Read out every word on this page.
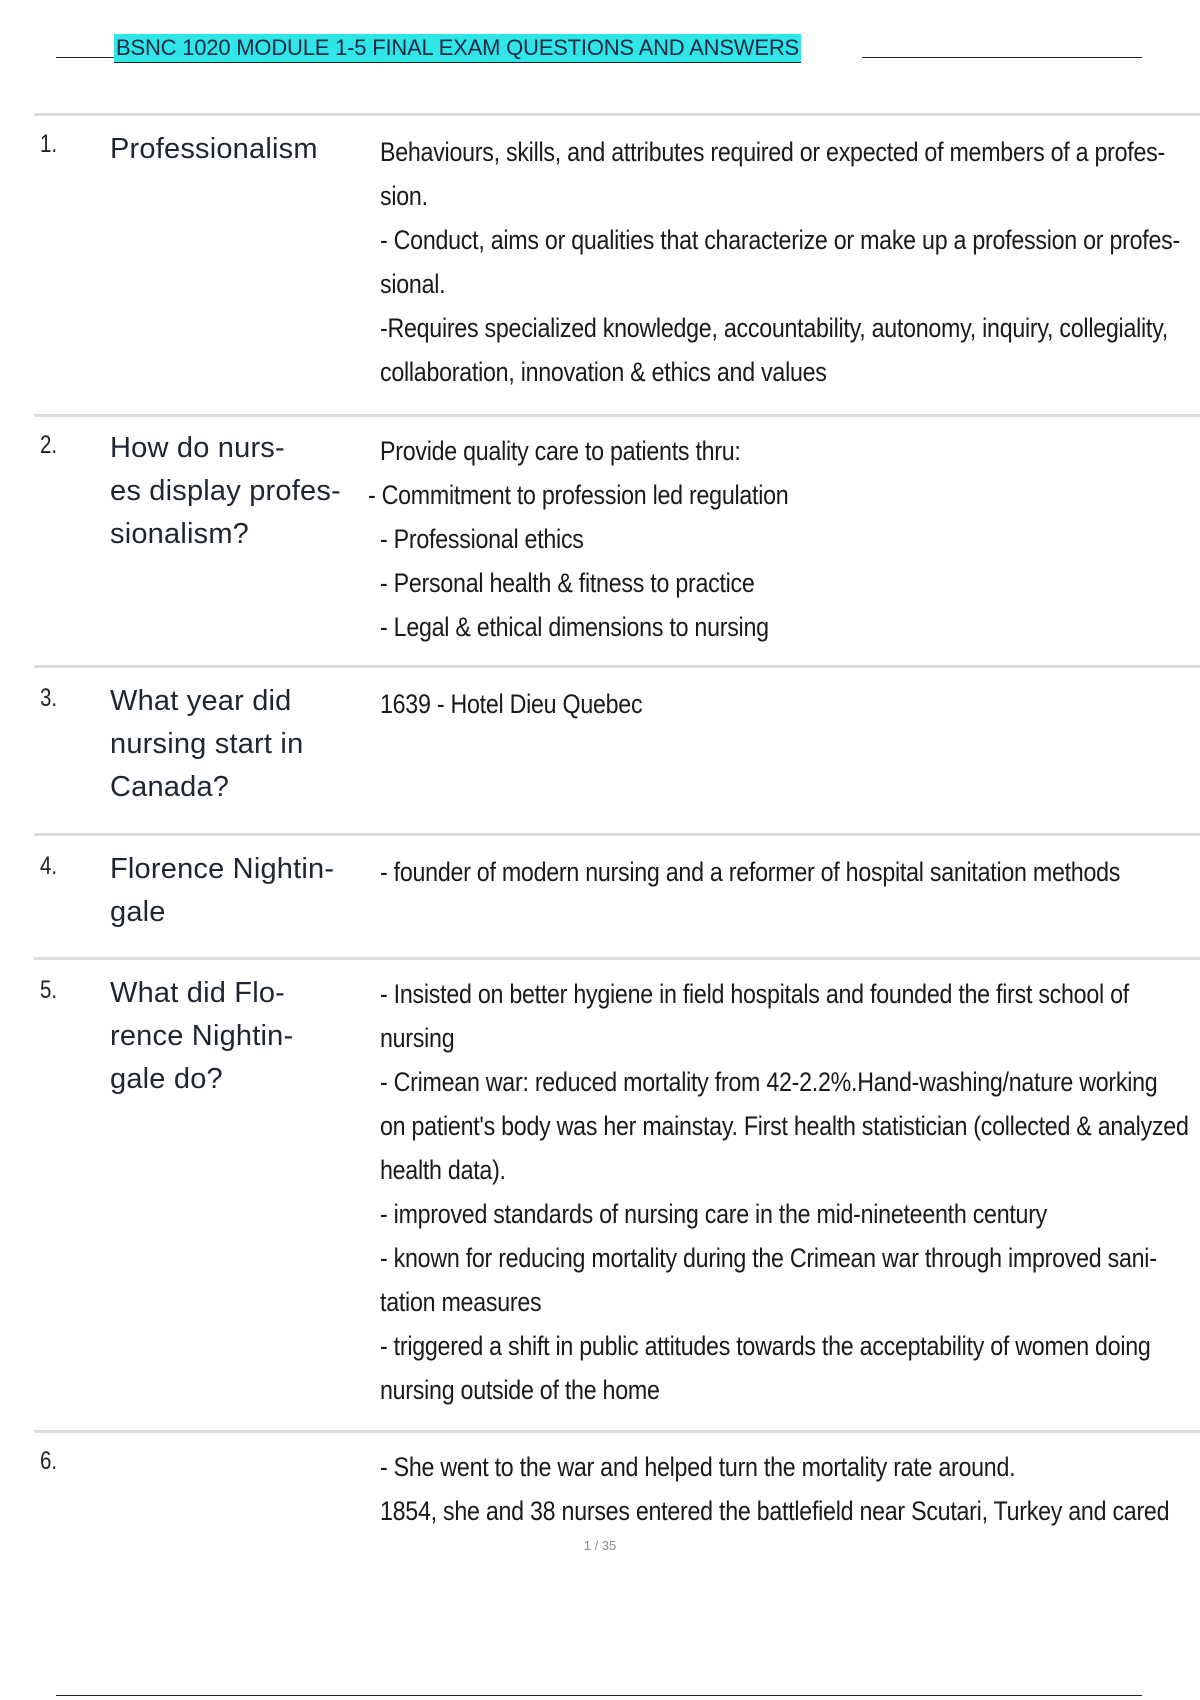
BSNC 1020 MODULE 1-5 FINAL EXAM QUESTIONS AND ANSWERS
1. Professionalism	Behaviours, skills, and attributes required or expected of members of a profes-
sion.
- Conduct, aims or qualities that characterize or make up a profession or profes-
sional.
-Requires specialized knowledge, accountability, autonomy, inquiry, collegiality,
collaboration, innovation & ethics and values
2. How do nurs-
es display profes-
sionalism?
Provide quality care to patients thru:
- Commitment to profession led regulation
- Professional ethics
- Personal health & fitness to practice
- Legal & ethical dimensions to nursing
3. What year did
nursing start in
Canada?
1639 - Hotel Dieu Quebec
4. Florence Nightin-
gale
- founder of modern nursing and a reformer of hospital sanitation methods
5. What did Flo-
rence Nightin-
gale do?
- Insisted on better hygiene in field hospitals and founded the first school of
nursing
- Crimean war: reduced mortality from 42-2.2%.Hand-washing/nature working
on patient's body was her mainstay. First health statistician (collected & analyzed
health data).
- improved standards of nursing care in the mid-nineteenth century
- known for reducing mortality during the Crimean war through improved sani-
tation measures
- triggered a shift in public attitudes towards the acceptability of women doing
nursing outside of the home
6.	- She went to the war and helped turn the mortality rate around.
1854, she and 38 nurses entered the battlefield near Scutari, Turkey and cared
1 / 35
